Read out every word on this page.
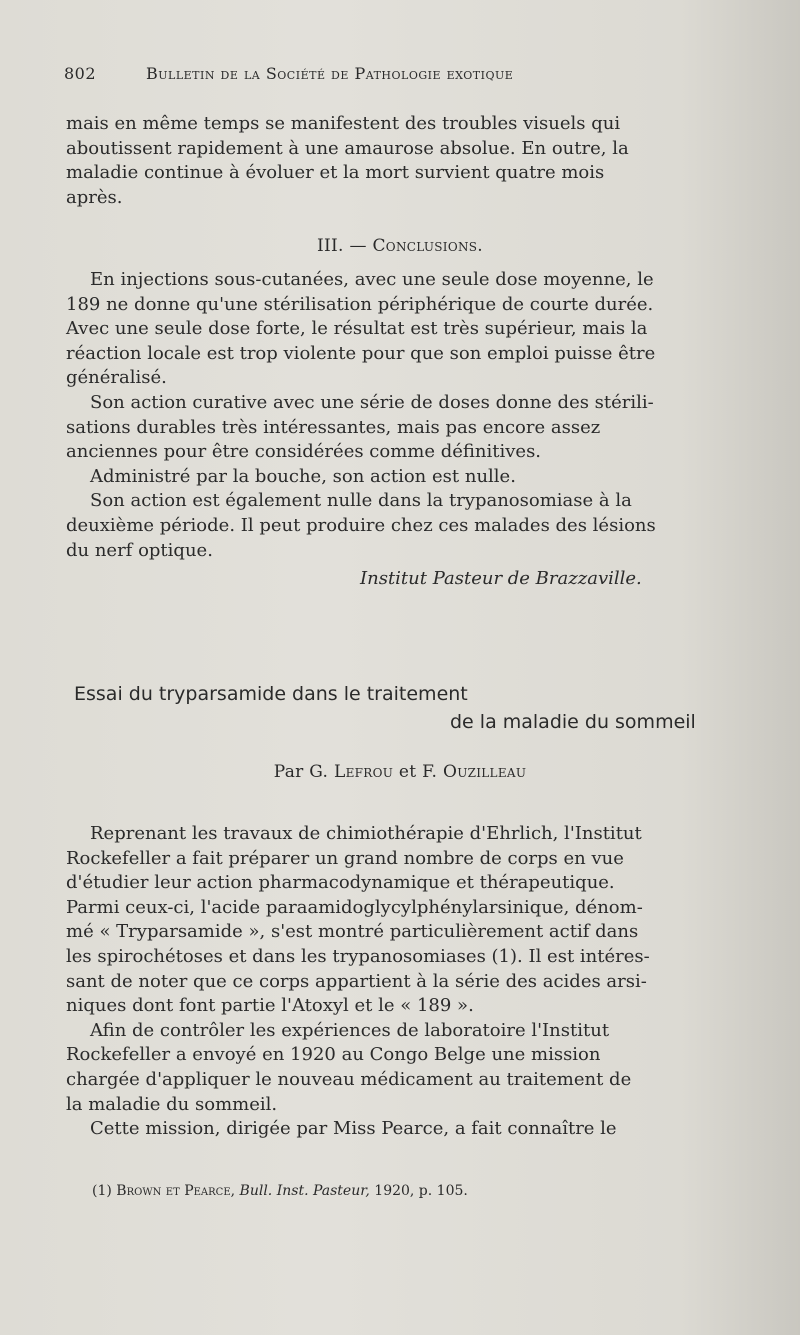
802	Bulletin de la Société de Pathologie exotique

mais en même temps se manifestent des troubles visuels qui
aboutissent rapidement à une amaurose absolue. En outre, la
maladie continue à évoluer et la mort survient quatre mois
après.

III. — Conclusions.

En injections sous-cutanées, avec une seule dose moyenne, le
189 ne donne qu'une stérilisation périphérique de courte durée.
Avec une seule dose forte, le résultat est très supérieur, mais la
réaction locale est trop violente pour que son emploi puisse être
généralisé.

Son action curative avec une série de doses donne des stérili-
sations durables très intéressantes, mais pas encore assez
anciennes pour être considérées comme définitives.

Administré par la bouche, son action est nulle.

Son action est également nulle dans la trypanosomiase à la
deuxième période. Il peut produire chez ces malades des lésions
du nerf optique.

Institut Pasteur de Brazzaville.
Essai du tryparsamide dans le traitement
de la maladie du sommeil
Par G. Lefrou et F. Ouzilleau

Reprenant les travaux de chimiothérapie d'Ehrlich, l'Institut
Rockefeller a fait préparer un grand nombre de corps en vue
d'étudier leur action pharmacodynamique et thérapeutique.
Parmi ceux-ci, l'acide paraamidoglycylphénylarsinique, dénom-
mé « Tryparsamide », s'est montré particulièrement actif dans
les spirochétoses et dans les trypanosomiases (1). Il est intéres-
sant de noter que ce corps appartient à la série des acides arsi-
niques dont font partie l'Atoxyl et le « 189 ».

Afin de contrôler les expériences de laboratoire l'Institut
Rockefeller a envoyé en 1920 au Congo Belge une mission
chargée d'appliquer le nouveau médicament au traitement de
la maladie du sommeil.

Cette mission, dirigée par Miss Pearce, a fait connaître le

(1) Brown et Pearce, Bull. Inst. Pasteur, 1920, p. 105.
